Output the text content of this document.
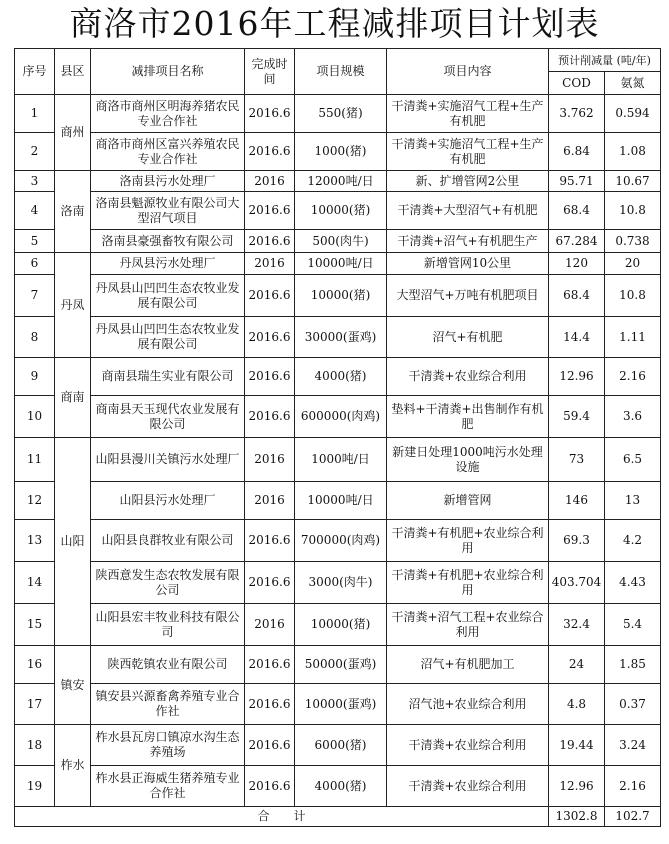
商洛市2016年工程减排项目计划表
序号	县区	减排项目名称	完成时间	项目规模	项目内容	预计削减量 (吨/年)	
						COD	氨氮
1	商州	商洛市商州区明海养猪农民专业合作社	2016.6	550(猪)	干清粪+实施沼气工程+生产有机肥	3.762	0.594
2		商洛市商州区富兴养殖农民专业合作社	2016.6	1000(猪)	干清粪+实施沼气工程+生产有机肥	6.84	1.08
3	洛南	洛南县污水处理厂	2016	12000吨/日	新、扩增管网2公里	95.71	10.67
4		洛南县魁源牧业有限公司大型沼气项目	2016.6	10000(猪)	干清粪+大型沼气+有机肥	68.4	10.8
5		洛南县豪强畜牧有限公司	2016.6	500(肉牛)	干清粪+沼气+有机肥生产	67.284	0.738
6	丹凤	丹凤县污水处理厂	2016	10000吨/日	新增管网10公里	120	20
7		丹凤县山凹凹生态农牧业发展有限公司	2016.6	10000(猪)	大型沼气+万吨有机肥项目	68.4	10.8
8		丹凤县山凹凹生态农牧业发展有限公司	2016.6	30000(蛋鸡)	沼气+有机肥	14.4	1.11
9	商南	商南县瑞生实业有限公司	2016.6	4000(猪)	干清粪+农业综合利用	12.96	2.16
10		商南县天玉现代农业发展有限公司	2016.6	600000(肉鸡)	垫料+干清粪+出售制作有机肥	59.4	3.6
11	山阳	山阳县漫川关镇污水处理厂	2016	1000吨/日	新建日处理1000吨污水处理设施	73	6.5
12		山阳县污水处理厂	2016	10000吨/日	新增管网	146	13
13		山阳县良群牧业有限公司	2016.6	700000(肉鸡)	干清粪+有机肥+农业综合利用	69.3	4.2
14		陕西意发生态农牧发展有限公司	2016.6	3000(肉牛)	干清粪+有机肥+农业综合利用	403.704	4.43
15		山阳县宏丰牧业科技有限公司	2016	10000(猪)	干清粪+沼气工程+农业综合利用	32.4	5.4
16	镇安	陕西乾镇农业有限公司	2016.6	50000(蛋鸡)	沼气+有机肥加工	24	1.85
17		镇安县兴源畜禽养殖专业合作社	2016.6	10000(蛋鸡)	沼气池+农业综合利用	4.8	0.37
18	柞水	柞水县瓦房口镇凉水沟生态养殖场	2016.6	6000(猪)	干清粪+农业综合利用	19.44	3.24
19		柞水县正海威生猪养殖专业合作社	2016.6	4000(猪)	干清粪+农业综合利用	12.96	2.16
合　　计						1302.8	102.7
